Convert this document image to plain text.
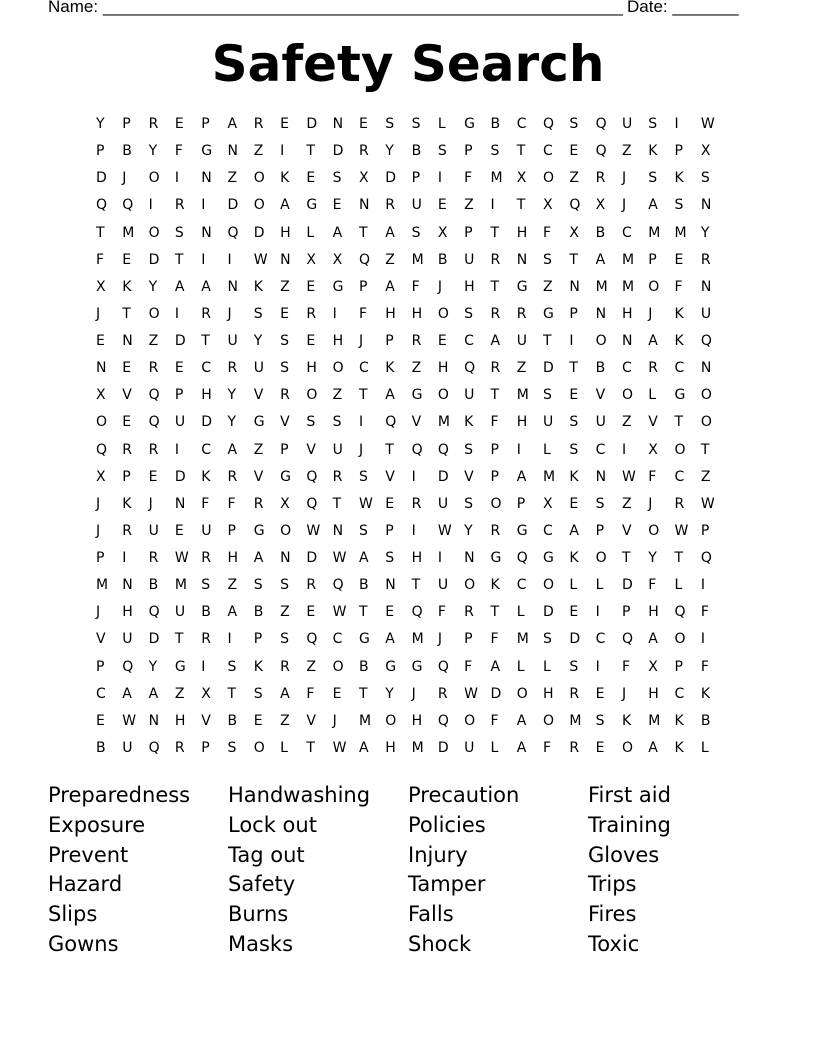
Name: _______________________________________________________ Date: _______
Safety Search
Y	P	R	E	P	A	R	E	D	N	E	S	S	L	G	B	C	Q	S	Q	U	S	I	W
P	B	Y	F	G	N	Z	I	T	D	R	Y	B	S	P	S	T	C	E	Q	Z	K	P	X
D	J	O	I	N	Z	O	K	E	S	X	D	P	I	F	M	X	O	Z	R	J	S	K	S
Q	Q	I	R	I	D	O	A	G	E	N	R	U	E	Z	I	T	X	Q	X	J	A	S	N
T	M	O	S	N	Q	D	H	L	A	T	A	S	X	P	T	H	F	X	B	C	M	M	Y
F	E	D	T	I	I	W N	X	X	Q	Z	M	B	U	R	N	S	T	A	M	P	E	R
X	K	Y	A	A	N	K	Z	E	G	P	A	F	J	H	T	G	Z	N	M	M	O	F	N
J	T	O	I	R	J	S	E	R	I	F	H	H	O	S	R	R	G	P	N	H	J	K	U
E	N	Z	D	T	U	Y	S	E	H	J	P	R	E	C	A	U	T	I	O	N	A	K	Q
N	E	R	E	C	R	U	S	H	O	C	K	Z	H	Q	R	Z	D	T	B	C	R	C	N
X	V	Q	P	H	Y	V	R	O	Z	T	A	G	O	U	T	M	S	E	V	O	L	G	O
O	E	Q	U	D	Y	G	V	S	S	I	Q	V	M	K	F	H	U	S	U	Z	V	T	O
Q	R	R	I	C	A	Z	P	V	U	J	T	Q	Q	S	P	I	L	S	C	I	X	O	T
X	P	E	D	K	R	V	G	Q	R	S	V	I	D	V	P	A	M	K	N	W F	C	Z
J	K	J	N	F	F	R	X	Q	T	W E	R	U	S	O	P	X	E	S	Z	J	R	W
J	R	U	E	U	P	G	O	W N	S	P	I	W Y	R	G	C	A	P	V	O	W P
P	I	R	W R	H	A	N	D	W A	S	H	I	N	G	Q	G	K	O	T	Y	T	Q
M	N	B	M	S	Z	S	S	R	Q	B	N	T	U	O	K	C	O	L	L	D	F	L	I
J	H	Q	U	B	A	B	Z	E	W T	E	Q	F	R	T	L	D	E	I	P	H	Q	F
V	U	D	T	R	I	P	S	Q	C	G	A	M	J	P	F	M	S	D	C	Q	A	O	I
P	Q	Y	G	I	S	K	R	Z	O	B	G	G	Q	F	A	L	L	S	I	F	X	P	F
C	A	A	Z	X	T	S	A	F	E	T	Y	J	R	W D	O	H	R	E	J	H	C	K
E	W N	H	V	B	E	Z	V	J	M	O	H	Q	O	F	A	O	M	S	K	M	K	B
B	U	Q	R	P	S	O	L	T	W A	H	M	D	U	L	A	F	R	E	O	A	K	L
Preparedness	Handwashing	Precaution	First aid
Exposure	Lock out	Policies	Training
Prevent	Tag out	Injury	Gloves
Hazard	Safety	Tamper	Trips
Slips	Burns	Falls	Fires
Gowns	Masks	Shock	Toxic
